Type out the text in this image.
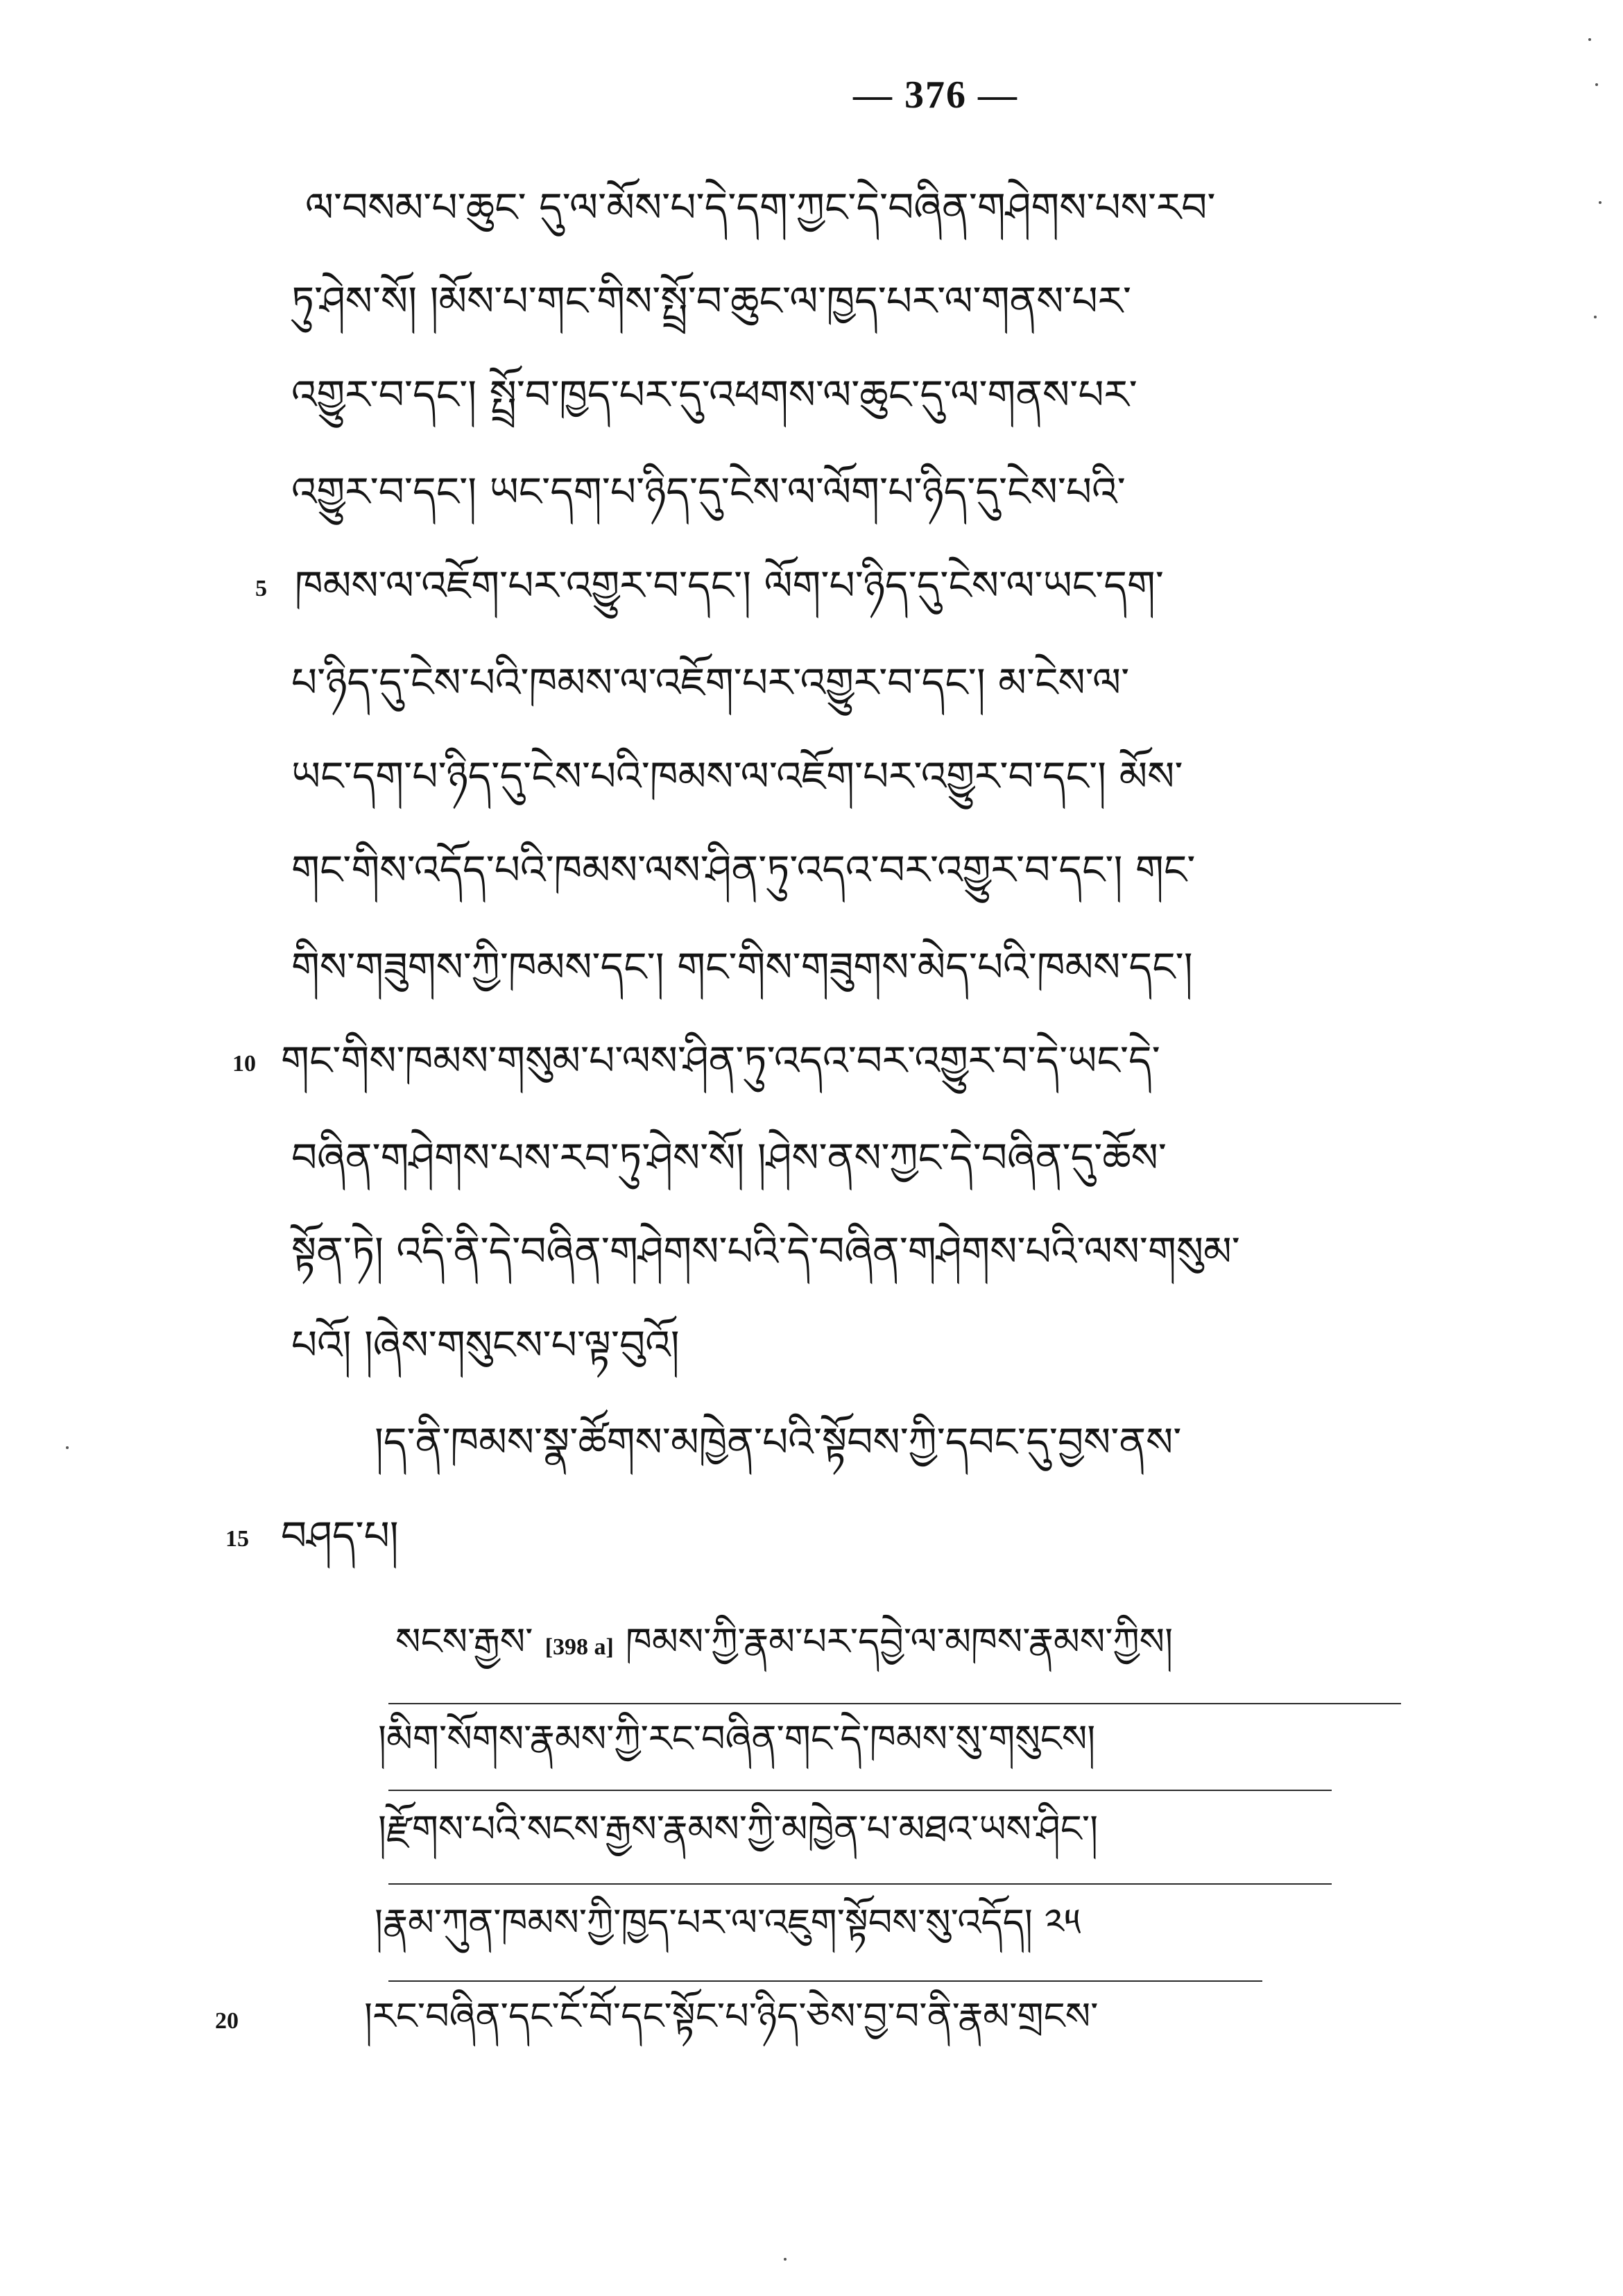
— 376 —
ལ་བསམ་པ་ཆུང་ དུ་ལ་མོས་པ་དེ་དག་ཀྱང་དེ་བཞིན་གཤེགས་པས་རབ་
ཏུ་ཤེས་སོ། །མོས་པ་གང་གིས་སྤྲོ་བ་ཆུང་ལ་ཁྱད་པར་ལ་གནས་པར་
འགྱུར་བ་དང་། སྤྲོ་བ་ཁྱད་པར་དུ་འཕགས་ལ་ཆུང་དུ་ལ་གནས་པར་
འགྱུར་བ་དང་། ཡང་དག་པ་ཉིད་དུ་ངེས་ལ་ལོག་པ་ཉིད་དུ་ངེས་པའི་
5 ཁམས་ལ་འཇོག་པར་འགྱུར་བ་དང་། ལོག་པ་ཉིད་དུ་ངེས་ལ་ཡང་དག་
པ་ཉིད་དུ་ངེས་པའི་ཁམས་ལ་འཇོག་པར་འགྱུར་བ་དང་། མ་ངེས་ལ་
ཡང་དག་པ་ཉིད་དུ་ངེས་པའི་ཁམས་ལ་འཇོག་པར་འགྱུར་བ་དང་། མོས་
གང་གིས་འདོད་པའི་ཁམས་ལས་ཤིན་ཏུ་འདའ་བར་འགྱུར་བ་དང་། གང་
གིས་གཟུགས་ཀྱི་ཁམས་དང་། གང་གིས་གཟུགས་མེད་པའི་ཁམས་དང་།
10 གང་གིས་ཁམས་གསུམ་པ་ལས་ཤིན་ཏུ་འདའ་བར་འགྱུར་བ་དེ་ཡང་དེ་
བཞིན་གཤེགས་པས་རབ་ཏུ་ཤེས་སོ། །ཤེས་ནས་ཀྱང་དེ་བཞིན་དུ་ཆོས་
སྟོན་ཏེ། འདི་ནི་དེ་བཞིན་གཤེགས་པའི་དེ་བཞིན་གཤེགས་པའི་ལས་གསུམ་
པའོ། །ཞེས་གསུངས་པ་ལྟ་བུའོ།
།ད་ནི་ཁམས་སྣ་ཚོགས་མཁྱེན་པའི་སྟོབས་ཀྱི་དབང་དུ་བྱས་ནས་
15 བཤད་པ།
སངས་རྒྱས་ [398 a] ཁམས་ཀྱི་རྣམ་པར་དབྱེ་ལ་མཁས་རྣམས་ཀྱིས།
།མིག་སོགས་རྣམས་ཀྱི་རང་བཞིན་གང་དེ་ཁམས་སུ་གསུངས།
།རྫོགས་པའི་སངས་རྒྱས་རྣམས་ཀྱི་མཁྱེན་པ་མཐའ་ཡས་ཤིང་།
།རྣམ་ཀུན་ཁམས་ཀྱི་ཁྱད་པར་ལ་འཇུག་སྟོབས་སུ་འདོད། ༢༥
20	།རང་བཞིན་དང་ངོ་བོ་དང་སྟོང་པ་ཉིད་ཅེས་བྱ་བ་ནི་རྣམ་གྲངས་
